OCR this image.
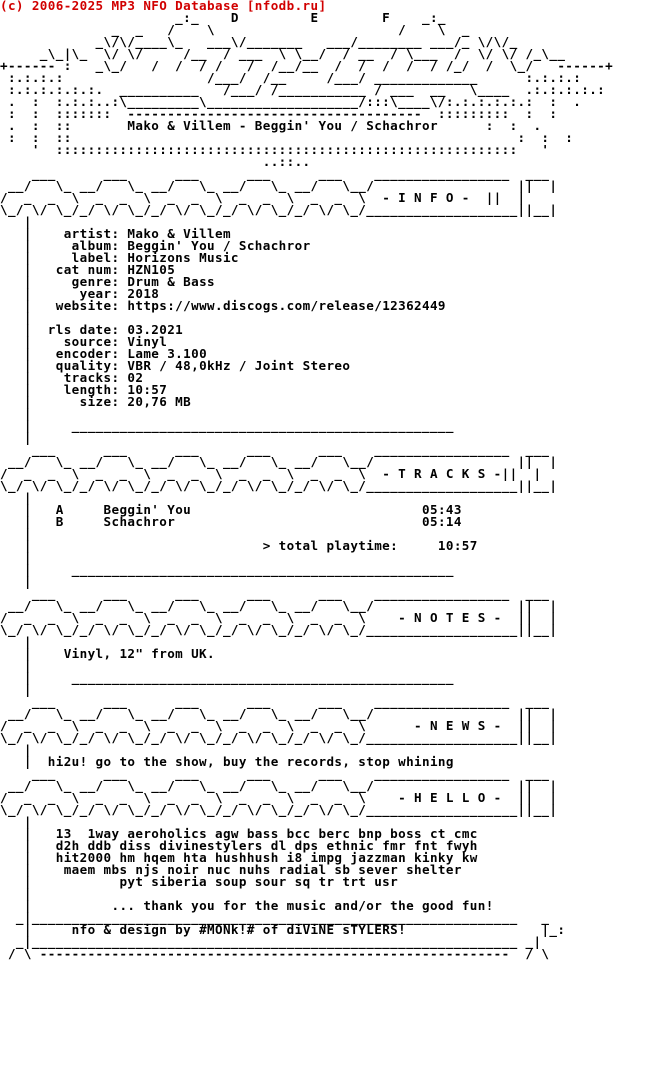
(c) 2006-2025 MP3 NFO Database [nfodb.ru]
_:_    D         E        F    _:_
_  _   /    \                       /    \  _
_\/\/____\_   ___\/_______   ___/________ ___/_ \/\/_
_\_|\_  \/ \/     /__  / ___  \ \__/  / __  / \___  /  \/ \/ /_\__
+------ :   _\_/   /  /  / /   /  /__/__  /  /  /  /  / /_/  /  \_/   ------+
:.:.:.:                  /___/  /__     /___/ _____________      :.:.:.:
:.:.:.:.:.:.  __________   /___/ /___________ / ___  __   \____  .:.:.:.:.:
.  :  :.:.:..:\_________\___________________/:::\____\/:.:.:.:.:.:  :  .
:  :  :::::::  -------------------------------------  :::::::::  :  :
.  :  ::       Mako & Villem - Beggin' You / Schachror	:  :  .
:  :  ::                                                        :  :  :
'  ::::::::::::::::::::::::::::::::::::::::::::::::::::::::::   '
..::..
___      ___      ___      ___      ___    _________________  ___
__/   \_ __/   \_ __/   \_ __/   \_ __/   \__/                  ||  |
/  _  _  \  _  _  \  _  _  \  _  _  \  _  _  \  - I N F O -  ||  |
\_/ \/ \_/_/ \/ \_/_/ \/ \_/_/ \/ \_/_/ \/ \_/___________________||__|
|
|    artist: Mako & Villem
|     album: Beggin' You / Schachror
|     label: Horizons Music
|   cat num: HZN105
|     genre: Drum & Bass
|      year: 2018
|   website: https://www.discogs.com/release/12362449
|
|  rls date: 03.2021
|    source: Vinyl
|   encoder: Lame 3.100
|   quality: VBR / 48,0kHz / Joint Stereo
|    tracks: 02
|    length: 10:57
|      size: 20,76 MB
|
|     ________________________________________________
|
___      ___      ___      ___      ___    _________________  ___
__/   \_ __/   \_ __/   \_ __/   \_ __/   \__/                  ||  |
/  _  _  \  _  _  \  _  _  \  _  _  \  _  _  \  - T R A C K S -||  |
\_/ \/ \_/_/ \/ \_/_/ \/ \_/_/ \/ \_/_/ \/ \_/___________________||__|
|
|   A	Beggin' You	05:43
|   B	Schachror	05:14
|
|                             > total playtime:	10:57
|
|     ________________________________________________
|
___      ___      ___      ___      ___    _________________  ___
__/   \_ __/   \_ __/   \_ __/   \_ __/   \__/                  ||  |
/  _  _  \  _  _  \  _  _  \  _  _  \  _  _  \	- N O T E S -  ||  |
\_/ \/ \_/_/ \/ \_/_/ \/ \_/_/ \/ \_/_/ \/ \_/___________________||__|
|
|	Vinyl, 12" from UK.
|
|     ________________________________________________
|
___      ___      ___      ___      ___    _________________  ___
__/   \_ __/   \_ __/   \_ __/   \_ __/   \__/                  ||  |
/  _  _  \  _  _  \  _  _  \  _  _  \  _  _  \	- N E W S -  ||  |
\_/ \/ \_/_/ \/ \_/_/ \/ \_/_/ \/ \_/_/ \/ \_/___________________||__|
|
|  hi2u! go to the show, buy the records, stop whining
___      ___      ___      ___      ___    _________________  ___
__/   \_ __/   \_ __/   \_ __/   \_ __/   \__/                  ||  |
/  _  _  \  _  _  \  _  _  \  _  _  \  _  _  \	- H E L L O -  ||  |
\_/ \/ \_/_/ \/ \_/_/ \/ \_/_/ \/ \_/_/ \/ \_/___________________||__|
|
|   13  1way aeroholics agw bass bcc berc bnp boss ct cmc
|   d2h ddb diss divinestylers dl dps ethnic fmr fnt fwyh
|   hit2000 hm hqem hta hushhush i8 impg jazzman kinky kw
|	maem mbs njs noir nuc nuhs radial sb sever shelter
|	pyt siberia soup sour sq tr trt usr
|
|	... thank you for the music and/or the good fun!
_|_____________________________________________________________   _
|	nfo & design by #MONk!# of diViNE sTYLERS!	|_:
_|_____________________________________________________________ _|
/ \ -----------------------------------------------------------  / \
